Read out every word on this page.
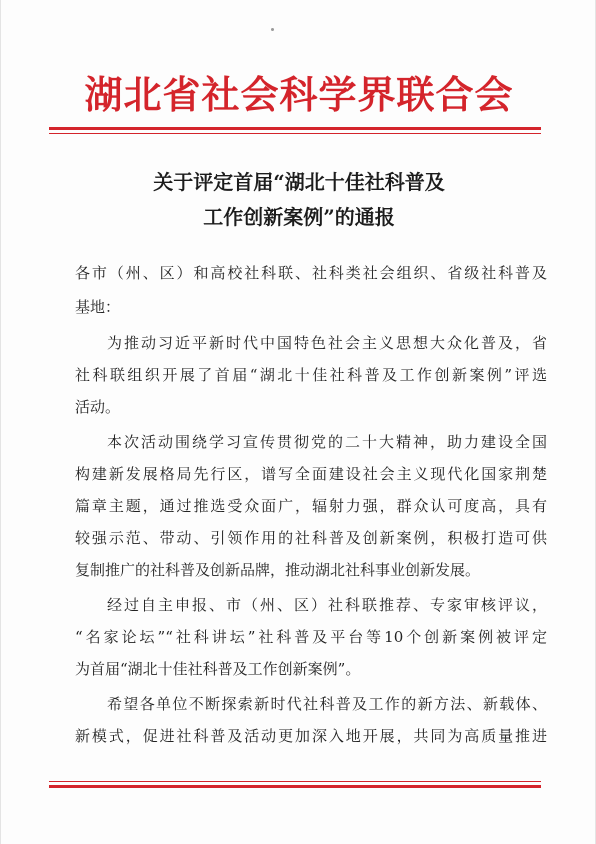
湖北省社会科学界联合会
关于评定首届“湖北十佳社科普及
工作创新案例”的通报
各市（州、区）和高校社科联、社科类社会组织、省级社科普及
基地：
为推动习近平新时代中国特色社会主义思想大众化普及，省
社科联组织开展了首届“湖北十佳社科普及工作创新案例”评选
活动。
本次活动围绕学习宣传贯彻党的二十大精神，助力建设全国
构建新发展格局先行区，谱写全面建设社会主义现代化国家荆楚
篇章主题，通过推选受众面广，辐射力强，群众认可度高，具有
较强示范、带动、引领作用的社科普及创新案例，积极打造可供
复制推广的社科普及创新品牌，推动湖北社科事业创新发展。
经过自主申报、市（州、区）社科联推荐、专家审核评议，
“名家论坛”“社科讲坛”社科普及平台等10个创新案例被评定
为首届“湖北十佳社科普及工作创新案例”。
希望各单位不断探索新时代社科普及工作的新方法、新载体、
新模式，促进社科普及活动更加深入地开展，共同为高质量推进
